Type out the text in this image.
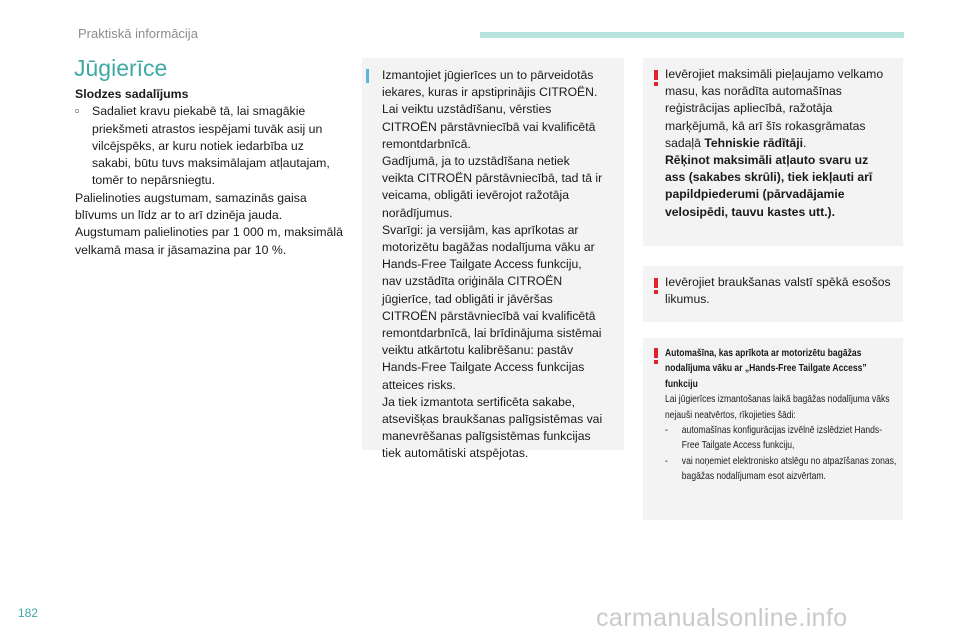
Praktiskā informācija
Jūgierīce

Slodzes sadalījums

▫	Sadaliet kravu piekabē tā, lai smagākie priekšmeti atrastos iespējami tuvāk asij un vilcējspēks, ar kuru notiek iedarbība uz sakabi, būtu tuvs maksimālajam atļautajam, tomēr to nepārsniegtu.

Palielinoties augstumam, samazinās gaisa blīvums un līdz ar to arī dzinēja jauda. Augstumam palielinoties par 1 000 m, maksimālā velkamā masa ir jāsamazina par 10 %.

Izmantojiet jūgierīces un to pārveidotās iekares, kuras ir apstiprinājis CITROËN. Lai veiktu uzstādīšanu, vērsties CITROËN pārstāvniecībā vai kvalificētā remontdarbnīcā.
Gadījumā, ja to uzstādīšana netiek veikta CITROËN pārstāvniecībā, tad tā ir veicama, obligāti ievērojot ražotāja norādījumus.
Svarīgi: ja versijām, kas aprīkotas ar motorizētu bagāžas nodalījuma vāku ar Hands-Free Tailgate Access funkciju, nav uzstādīta oriģināla CITROËN jūgierīce, tad obligāti ir jāvēršas CITROËN pārstāvniecībā vai kvalificētā remontdarbnīcā, lai brīdinājuma sistēmai veiktu atkārtotu kalibrēšanu: pastāv Hands-Free Tailgate Access funkcijas atteices risks.
Ja tiek izmantota sertificēta sakabe, atsevišķas braukšanas palīgsistēmas vai manevrēšanas palīgsistēmas funkcijas tiek automātiski atspējotas.
Ievērojiet maksimāli pieļaujamo velkamo masu, kas norādīta automašīnas reģistrācijas apliecībā, ražotāja marķējumā, kā arī šīs rokasgrāmatas sadaļā Tehniskie rādītāji.
Rēķinot maksimāli atļauto svaru uz ass (sakabes skrūli), tiek iekļauti arī papildpiederumi (pārvadājamie velosipēdi, tauvu kastes utt.).
Ievērojiet braukšanas valstī spēkā esošos likumus.
Automašīna, kas aprīkota ar motorizētu bagāžas nodalījuma vāku ar „Hands-Free Tailgate Access” funkciju
Lai jūgierīces izmantošanas laikā bagāžas nodalījuma vāks nejauši neatvērtos, rīkojieties šādi:
-	automašīnas konfigurācijas izvēlnē izslēdziet Hands-Free Tailgate Access funkciju,
-	vai noņemiet elektronisko atslēgu no atpazīšanas zonas, bagāžas nodalījumam esot aizvērtam.
182	carmanualsonline.info
